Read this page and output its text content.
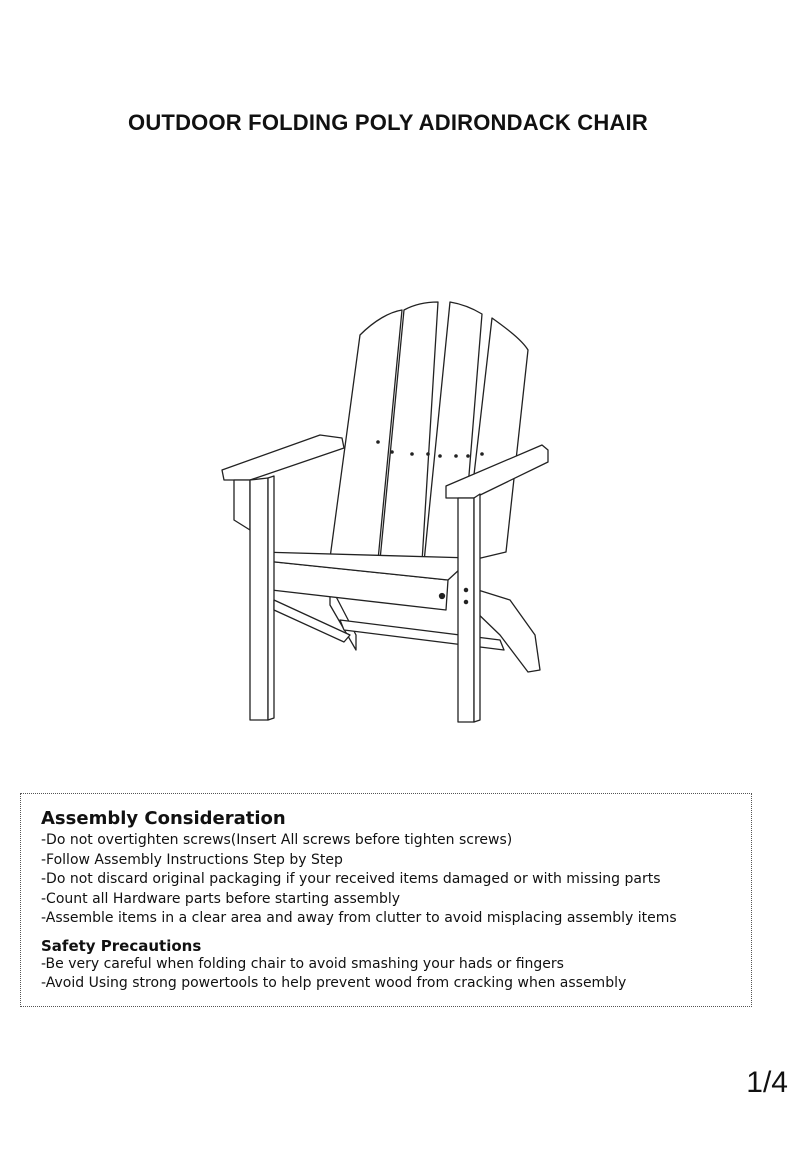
OUTDOOR FOLDING POLY ADIRONDACK CHAIR
Assembly Consideration
-Do not overtighten screws(Insert All screws before tighten screws)
-Follow Assembly Instructions Step by Step
-Do not discard original packaging if your received items damaged or with missing parts
-Count all Hardware parts before starting assembly
-Assemble items in a clear area and away from clutter to avoid misplacing assembly items
Safety Precautions
-Be very careful when folding chair to avoid smashing your hads or fingers
-Avoid Using strong powertools to help prevent wood from cracking when assembly
1/4
